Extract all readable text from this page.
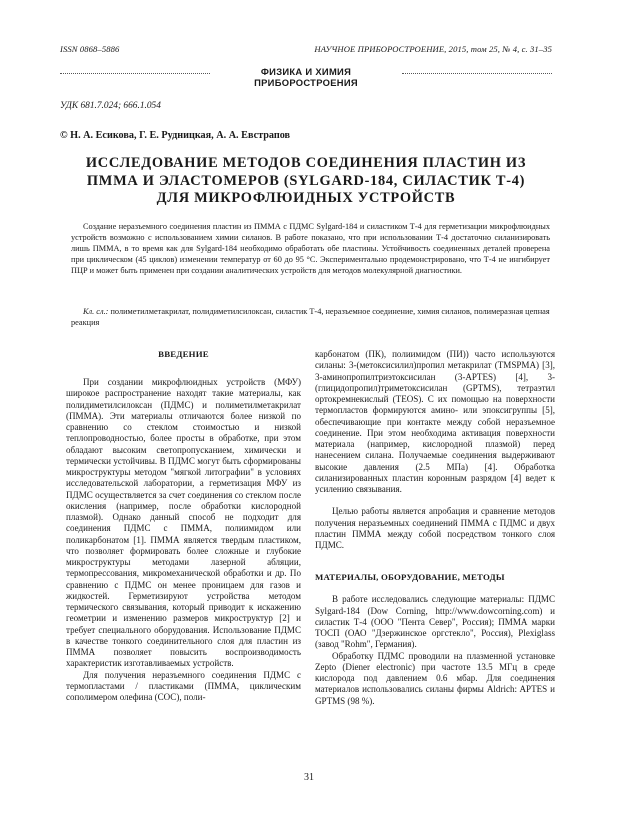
ISSN 0868–5886	НАУЧНОЕ ПРИБОРОСТРОЕНИЕ, 2015, том 25, № 4, c. 31–35
ФИЗИКА И ХИМИЯ ПРИБОРОСТРОЕНИЯ
УДК 681.7.024; 666.1.054
© Н. А. Есикова, Г. Е. Рудницкая, А. А. Евстрапов
ИССЛЕДОВАНИЕ МЕТОДОВ СОЕДИНЕНИЯ ПЛАСТИН ИЗ ПММА И ЭЛАСТОМЕРОВ (SYLGARD-184, СИЛАСТИК Т-4) ДЛЯ МИКРОФЛЮИДНЫХ УСТРОЙСТВ
Создание неразъемного соединения пластин из ПММА с ПДМС Sylgard-184 и силастиком Т-4 для герметизации микрофлюидных устройств возможно с использованием химии силанов. В работе показано, что при использовании Т-4 достаточно силанизировать лишь ПММА, в то время как для Sylgard-184 необходимо обработать обе пластины. Устойчивость соединенных деталей проверена при циклическом (45 циклов) изменении температур от 60 до 95 °С. Экспериментально продемонстрировано, что Т-4 не ингибирует ПЦР и может быть применен при создании аналитических устройств для методов молекулярной диагностики.
Кл. сл.: полиметилметакрилат, полидиметилсилоксан, силастик Т-4, неразъемное соединение, химия силанов, полимеразная цепная реакция
ВВЕДЕНИЕ

При создании микрофлюидных устройств (МФУ) широкое распространение находят такие материалы, как полидиметилсилоксан (ПДМС) и полиметилметакрилат (ПММА). Эти материалы отличаются более низкой по сравнению со стеклом стоимостью и низкой теплопроводностью, более просты в обработке, при этом обладают высоким светопропусканием, химически и термически устойчивы. В ПДМС могут быть сформированы микроструктуры методом "мягкой литографии" в условиях исследовательской лаборатории, а герметизация МФУ из ПДМС осуществляется за счет соединения со стеклом после окисления (например, после обработки кислородной плазмой). Однако данный способ не подходит для соединения ПДМС с ПММА, полиимидом или поликарбонатом [1]. ПММА является твердым пластиком, что позволяет формировать более сложные и глубокие микроструктуры методами лазерной абляции, термопрессования, микромеханической обработки и др. По сравнению с ПДМС он менее проницаем для газов и жидкостей. Герметизируют устройства методом термического связывания, который приводит к искажению геометрии и изменению размеров микроструктур [2] и требует специального оборудования. Использование ПДМС в качестве тонкого соединительного слоя для пластин из ПММА позволяет повысить воспроизводимость характеристик изготавливаемых устройств.

Для получения неразъемного соединения ПДМС с термопластами / пластиками (ПММА, циклическим сополимером олефина (СОС), поли-

карбонатом (ПК), полиимидом (ПИ)) часто используются силаны: 3-(метоксисилил)пропил метакрилат (TMSPMA) [3], 3-аминопропилтриэтоксисилан (3-APTES) [4], 3-(глицидопропил)триметоксисилан (GPTMS), тетраэтил ортокремнекислый (TEOS). С их помощью на поверхности термопластов формируются амино- или эпоксигруппы [5], обеспечивающие при контакте между собой неразъемное соединение. При этом необходима активация поверхности материала (например, кислородной плазмой) перед нанесением силана. Получаемые соединения выдерживают высокие давления (2.5 МПа) [4]. Обработка силанизированных пластин коронным разрядом [4] ведет к усилению связывания.

Целью работы является апробация и сравнение методов получения неразъемных соединений ПММА с ПДМС и двух пластин ПММА между собой посредством тонкого слоя ПДМС.

МАТЕРИАЛЫ, ОБОРУДОВАНИЕ, МЕТОДЫ

В работе исследовались следующие материалы: ПДМС Sylgard-184 (Dow Corning, http://www.dowcorning.com) и силастик Т-4 (ООО "Пента Север", Россия); ПММА марки ТОСП (ОАО "Дзержинское оргстекло", Россия), Plexiglass (завод "Rohm", Германия).

Обработку ПДМС проводили на плазменной установке Zepto (Diener electronic) при частоте 13.5 МГц в среде кислорода под давлением 0.6 мбар. Для соединения материалов использовались силаны фирмы Aldrich: APTES и GPTMS (98 %).

31
